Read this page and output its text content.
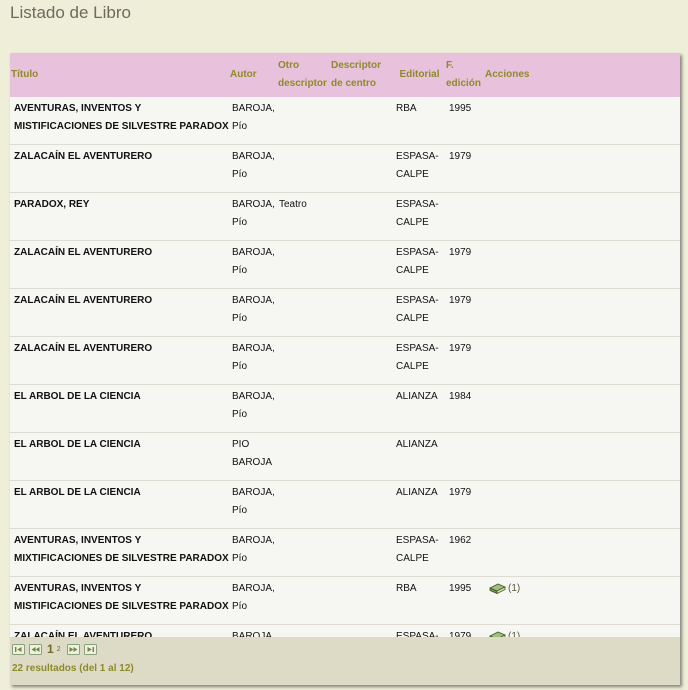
Listado de Libro
Título	Autor	Otro descriptor	Descriptor de centro	Editorial	F. edición	Acciones
AVENTURAS, INVENTOS Y MISTIFICACIONES DE SILVESTRE PARADOX	BAROJA, Pío			RBA	1995	
ZALACAÍN EL AVENTURERO	BAROJA, Pío			ESPASA-CALPE	1979	
PARADOX, REY	BAROJA, Pío	Teatro		ESPASA-CALPE		
ZALACAÍN EL AVENTURERO	BAROJA, Pío			ESPASA-CALPE	1979	
ZALACAÍN EL AVENTURERO	BAROJA, Pío			ESPASA-CALPE	1979	
ZALACAÍN EL AVENTURERO	BAROJA, Pío			ESPASA-CALPE	1979	
EL ARBOL DE LA CIENCIA	BAROJA, Pío			ALIANZA	1984	
EL ARBOL DE LA CIENCIA	PIO BAROJA			ALIANZA		
EL ARBOL DE LA CIENCIA	BAROJA, Pío			ALIANZA	1979	
AVENTURAS, INVENTOS Y MIXTIFICACIONES DE SILVESTRE PARADOX	BAROJA, Pío			ESPASA-CALPE	1962	
AVENTURAS, INVENTOS Y MISTIFICACIONES DE SILVESTRE PARADOX	BAROJA, Pío			RBA	1995	(1)

1 2
22 resultados (del 1 al 12)
